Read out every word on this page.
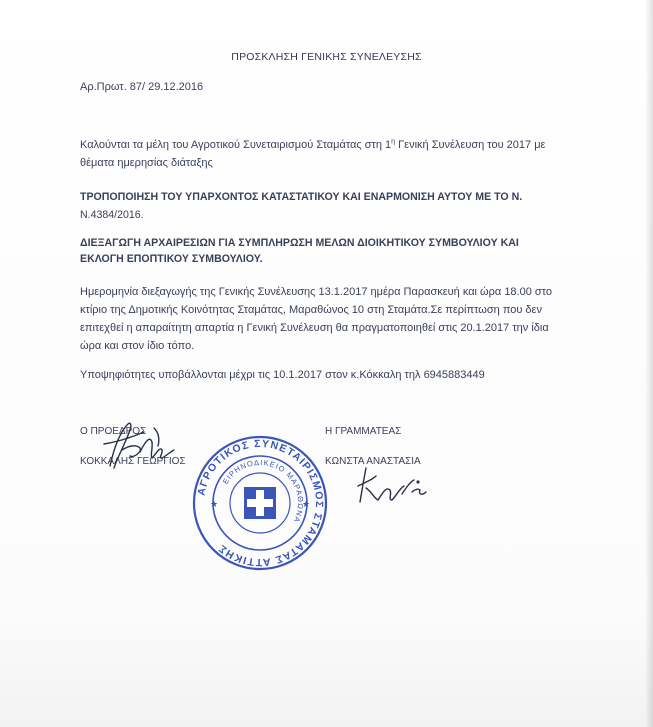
ΠΡΟΣΚΛΗΣΗ ΓΕΝΙΚΗΣ ΣΥΝΕΛΕΥΣΗΣ
Αρ.Πρωτ. 87/ 29.12.2016
Καλούνται τα μέλη του Αγροτικού Συνεταιρισμού Σταμάτας στη $1^\eta$ Γενική Συνέλευση του 2017 με θέματα ημερησίας διάταξης
ΤΡΟΠΟΠΟΙΗΣΗ ΤΟΥ ΥΠΑΡΧΟΝΤΟΣ ΚΑΤΑΣΤΑΤΙΚΟΥ ΚΑΙ ΕΝΑΡΜΟΝΙΣΗ ΑΥΤΟΥ ΜΕ ΤΟ Ν.
Ν.4384/2016.
ΔΙΕΞΑΓΩΓΗ ΑΡΧΑΙΡΕΣΙΩΝ ΓΙΑ ΣΥΜΠΛΗΡΩΣΗ ΜΕΛΩΝ ΔΙΟΙΚΗΤΙΚΟΥ ΣΥΜΒΟΥΛΙΟΥ ΚΑΙ ΕΚΛΟΓΗ ΕΠΟΠΤΙΚΟΥ ΣΥΜΒΟΥΛΙΟΥ.
Ημερομηνία διεξαγωγής της Γενικής Συνέλευσης 13.1.2017 ημέρα Παρασκευή και ώρα 18.00 στο κτίριο της Δημοτικής Κοινότητας Σταμάτας, Μαραθώνος 10 στη Σταμάτα.Σε περίπτωση που δεν επιτεχθεί η απαραίτητη απαρτία η Γενική Συνέλευση θα πραγματοποιηθεί στις 20.1.2017 την ίδια ώρα και στον ίδιο τόπο.
Υποψηφιότητες υποβάλλονται μέχρι τις 10.1.2017 στον κ.Κόκκαλη τηλ 6945883449
Ο ΠΡΟΕΔΡΟΣ
ΚΟΚΚΑΛΗΣ ΓΕΩΡΓΙΟΣ
Η ΓΡΑΜΜΑΤΕΑΣ
ΚΩΝΣΤΑ ΑΝΑΣΤΑΣΙΑ
ΑΓΡΟΤΙΚΟΣ ΣΥΝΕΤΑΙΡΙΣΜΟΣ ΣΤΑΜΑΤΑΣ ΑΤΤΙΚΗΣ
ΕΙΡΗΝΟΔΙΚΕΙΟ ΜΑΡΑΘΩΝΑ
★	★
